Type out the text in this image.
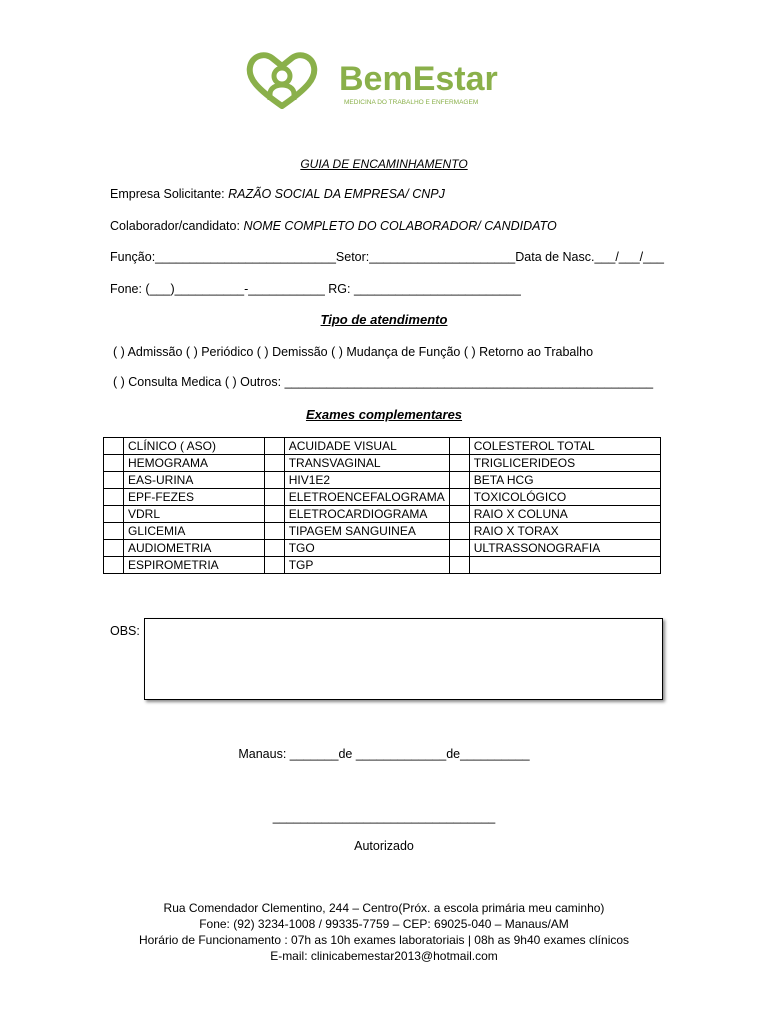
BemEstar
MEDICINA DO TRABALHO E ENFERMAGEM
GUIA DE ENCAMINHAMENTO
Empresa Solicitante: RAZÃO SOCIAL DA EMPRESA/ CNPJ
Colaborador/candidato: NOME COMPLETO DO COLABORADOR/ CANDIDATO
Função:__________________________Setor:_____________________Data de Nasc.___/___/___
Fone: (___)__________-___________ RG: ________________________
Tipo de atendimento
( ) Admissão ( ) Periódico ( ) Demissão ( ) Mudança de Função ( ) Retorno ao Trabalho
( ) Consulta Medica ( ) Outros: _____________________________________________________
Exames complementares
	CLÍNICO ( ASO)		ACUIDADE VISUAL		COLESTEROL TOTAL
	HEMOGRAMA		TRANSVAGINAL		TRIGLICERIDEOS
	EAS-URINA		HIV1E2		BETA HCG
	EPF-FEZES		ELETROENCEFALOGRAMA		TOXICOLÓGICO
	VDRL		ELETROCARDIOGRAMA		RAIO X COLUNA
	GLICEMIA		TIPAGEM SANGUINEA		RAIO X TORAX
	AUDIOMETRIA		TGO		ULTRASSONOGRAFIA
	ESPIROMETRIA		TGP		
OBS:
Manaus: _______de _____________de__________
________________________________
Autorizado
Rua Comendador Clementino, 244 – Centro(Próx. a escola primária meu caminho)
Fone: (92) 3234-1008 / 99335-7759 – CEP: 69025-040 – Manaus/AM
Horário de Funcionamento : 07h as 10h exames laboratoriais | 08h as 9h40 exames clínicos
E-mail: clinicabemestar2013@hotmail.com
